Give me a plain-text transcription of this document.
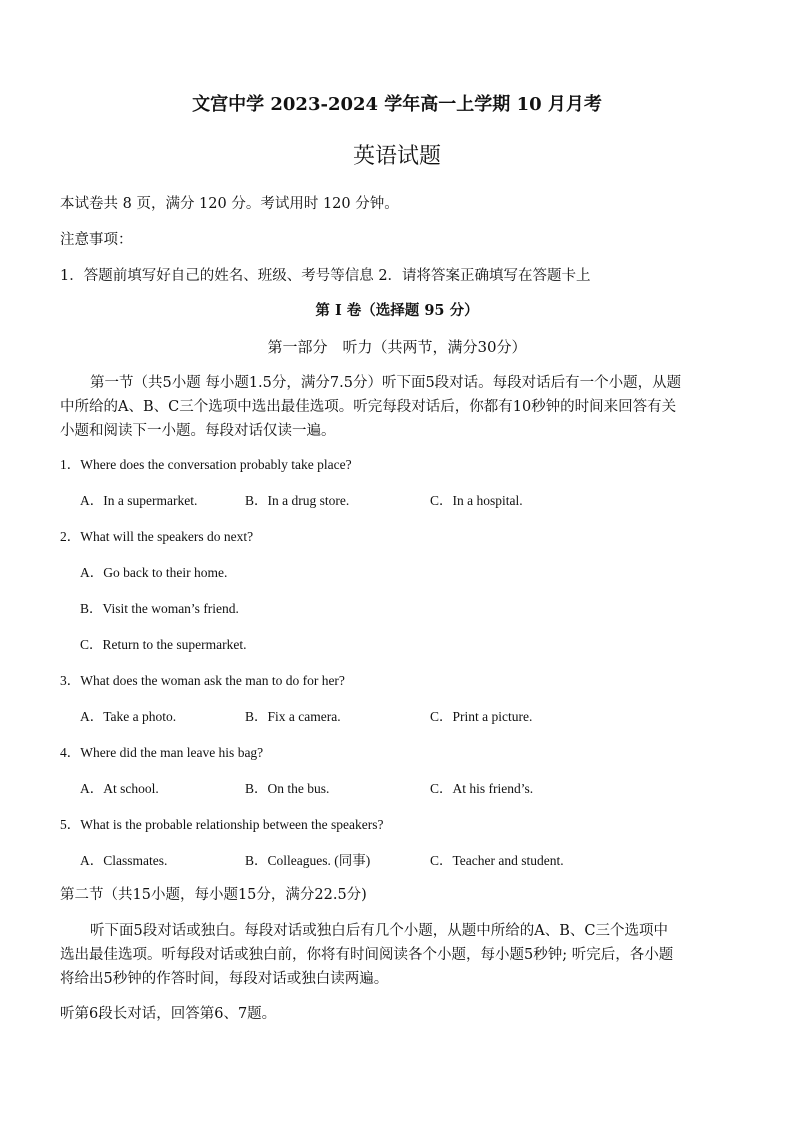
文宫中学 2023-2024 学年高一上学期 10 月月考
英语试题
本试卷共 8 页，满分 120 分。考试用时 120 分钟。
注意事项：
1．答题前填写好自己的姓名、班级、考号等信息 2．请将答案正确填写在答题卡上
第 I 卷（选择题 95 分）
第一部分　听力（共两节，满分30分）
第一节（共5小题 每小题1.5分，满分7.5分）听下面5段对话。每段对话后有一个小题，从题
中所给的A、B、C三个选项中选出最佳选项。听完每段对话后，你都有10秒钟的时间来回答有关
小题和阅读下一小题。每段对话仅读一遍。
1．Where does the conversation probably take place?
A．In a supermarket.	B．In a drug store.	C．In a hospital.
2．What will the speakers do next?
A．Go back to their home.
B．Visit the woman’s friend.
C．Return to the supermarket.
3．What does the woman ask the man to do for her?
A．Take a photo.	B．Fix a camera.	C．Print a picture.
4．Where did the man leave his bag?
A．At school.	B．On the bus.	C．At his friend’s.
5．What is the probable relationship between the speakers?
A．Classmates.	B．Colleagues. (同事)	C．Teacher and student.
第二节（共15小题，每小题15分，满分22.5分)
听下面5段对话或独白。每段对话或独白后有几个小题，从题中所给的A、B、C三个选项中
选出最佳选项。听每段对话或独白前，你将有时间阅读各个小题，每小题5秒钟; 听完后，各小题
将给出5秒钟的作答时间，每段对话或独白读两遍。
听第6段长对话，回答第6、7题。
